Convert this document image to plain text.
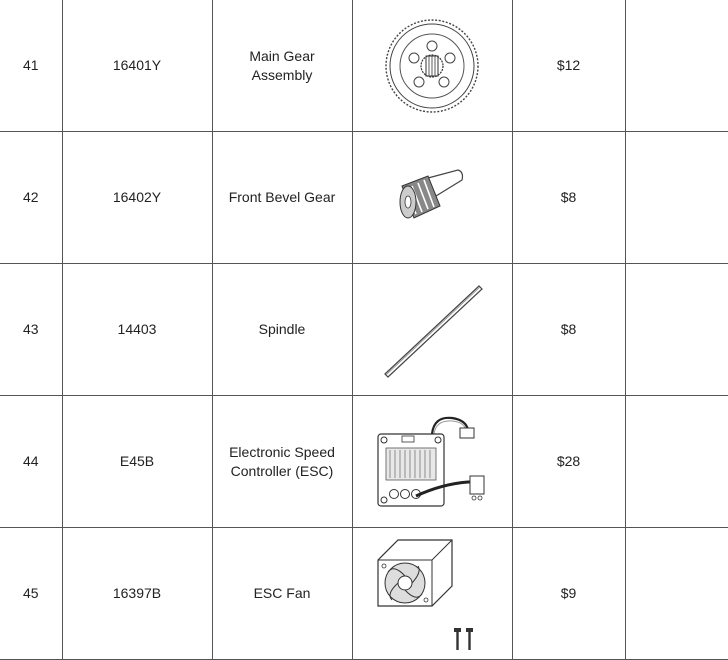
41	16401Y	Main Gear Assembly		$12	
42	16402Y	Front Bevel Gear		$8	
43	14403	Spindle		$8	
44	E45B	Electronic Speed Controller (ESC)		$28	
45	16397B	ESC Fan		$9	
